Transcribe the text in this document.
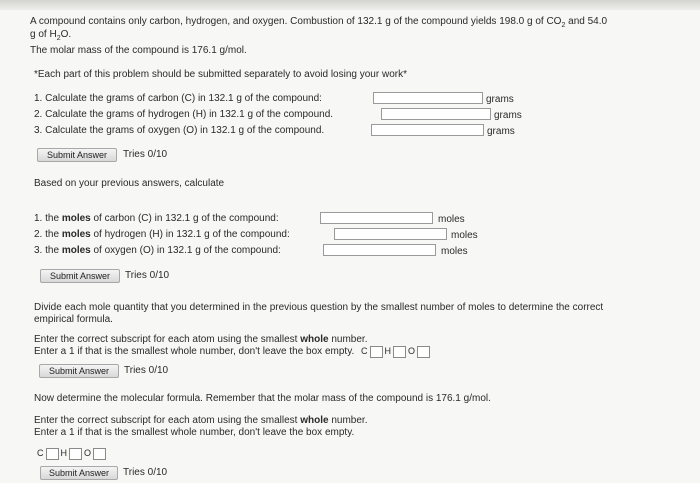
A compound contains only carbon, hydrogen, and oxygen. Combustion of 132.1 g of the compound yields 198.0 g of $CO_2$ and 54.0
g of $H_2O$.
The molar mass of the compound is 176.1 g/mol.
*Each part of this problem should be submitted separately to avoid losing your work*
1. Calculate the grams of carbon (C) in 132.1 g of the compound:	grams
2. Calculate the grams of hydrogen (H) in 132.1 g of the compound.	grams
3. Calculate the grams of oxygen (O) in 132.1 g of the compound.	grams
Submit Answer	Tries 0/10
Based on your previous answers, calculate
1. the moles of carbon (C) in 132.1 g of the compound:	moles
2. the moles of hydrogen (H) in 132.1 g of the compound:	moles
3. the moles of oxygen (O) in 132.1 g of the compound:	moles
Submit Answer	Tries 0/10
Divide each mole quantity that you determined in the previous question by the smallest number of moles to determine the correct
empirical formula.
Enter the correct subscript for each atom using the smallest whole number.
Enter a 1 if that is the smallest whole number, don't leave the box empty. C H O
Submit Answer	Tries 0/10
Now determine the molecular formula. Remember that the molar mass of the compound is 176.1 g/mol.
Enter the correct subscript for each atom using the smallest whole number.
Enter a 1 if that is the smallest whole number, don't leave the box empty.
C H O
Submit Answer	Tries 0/10
